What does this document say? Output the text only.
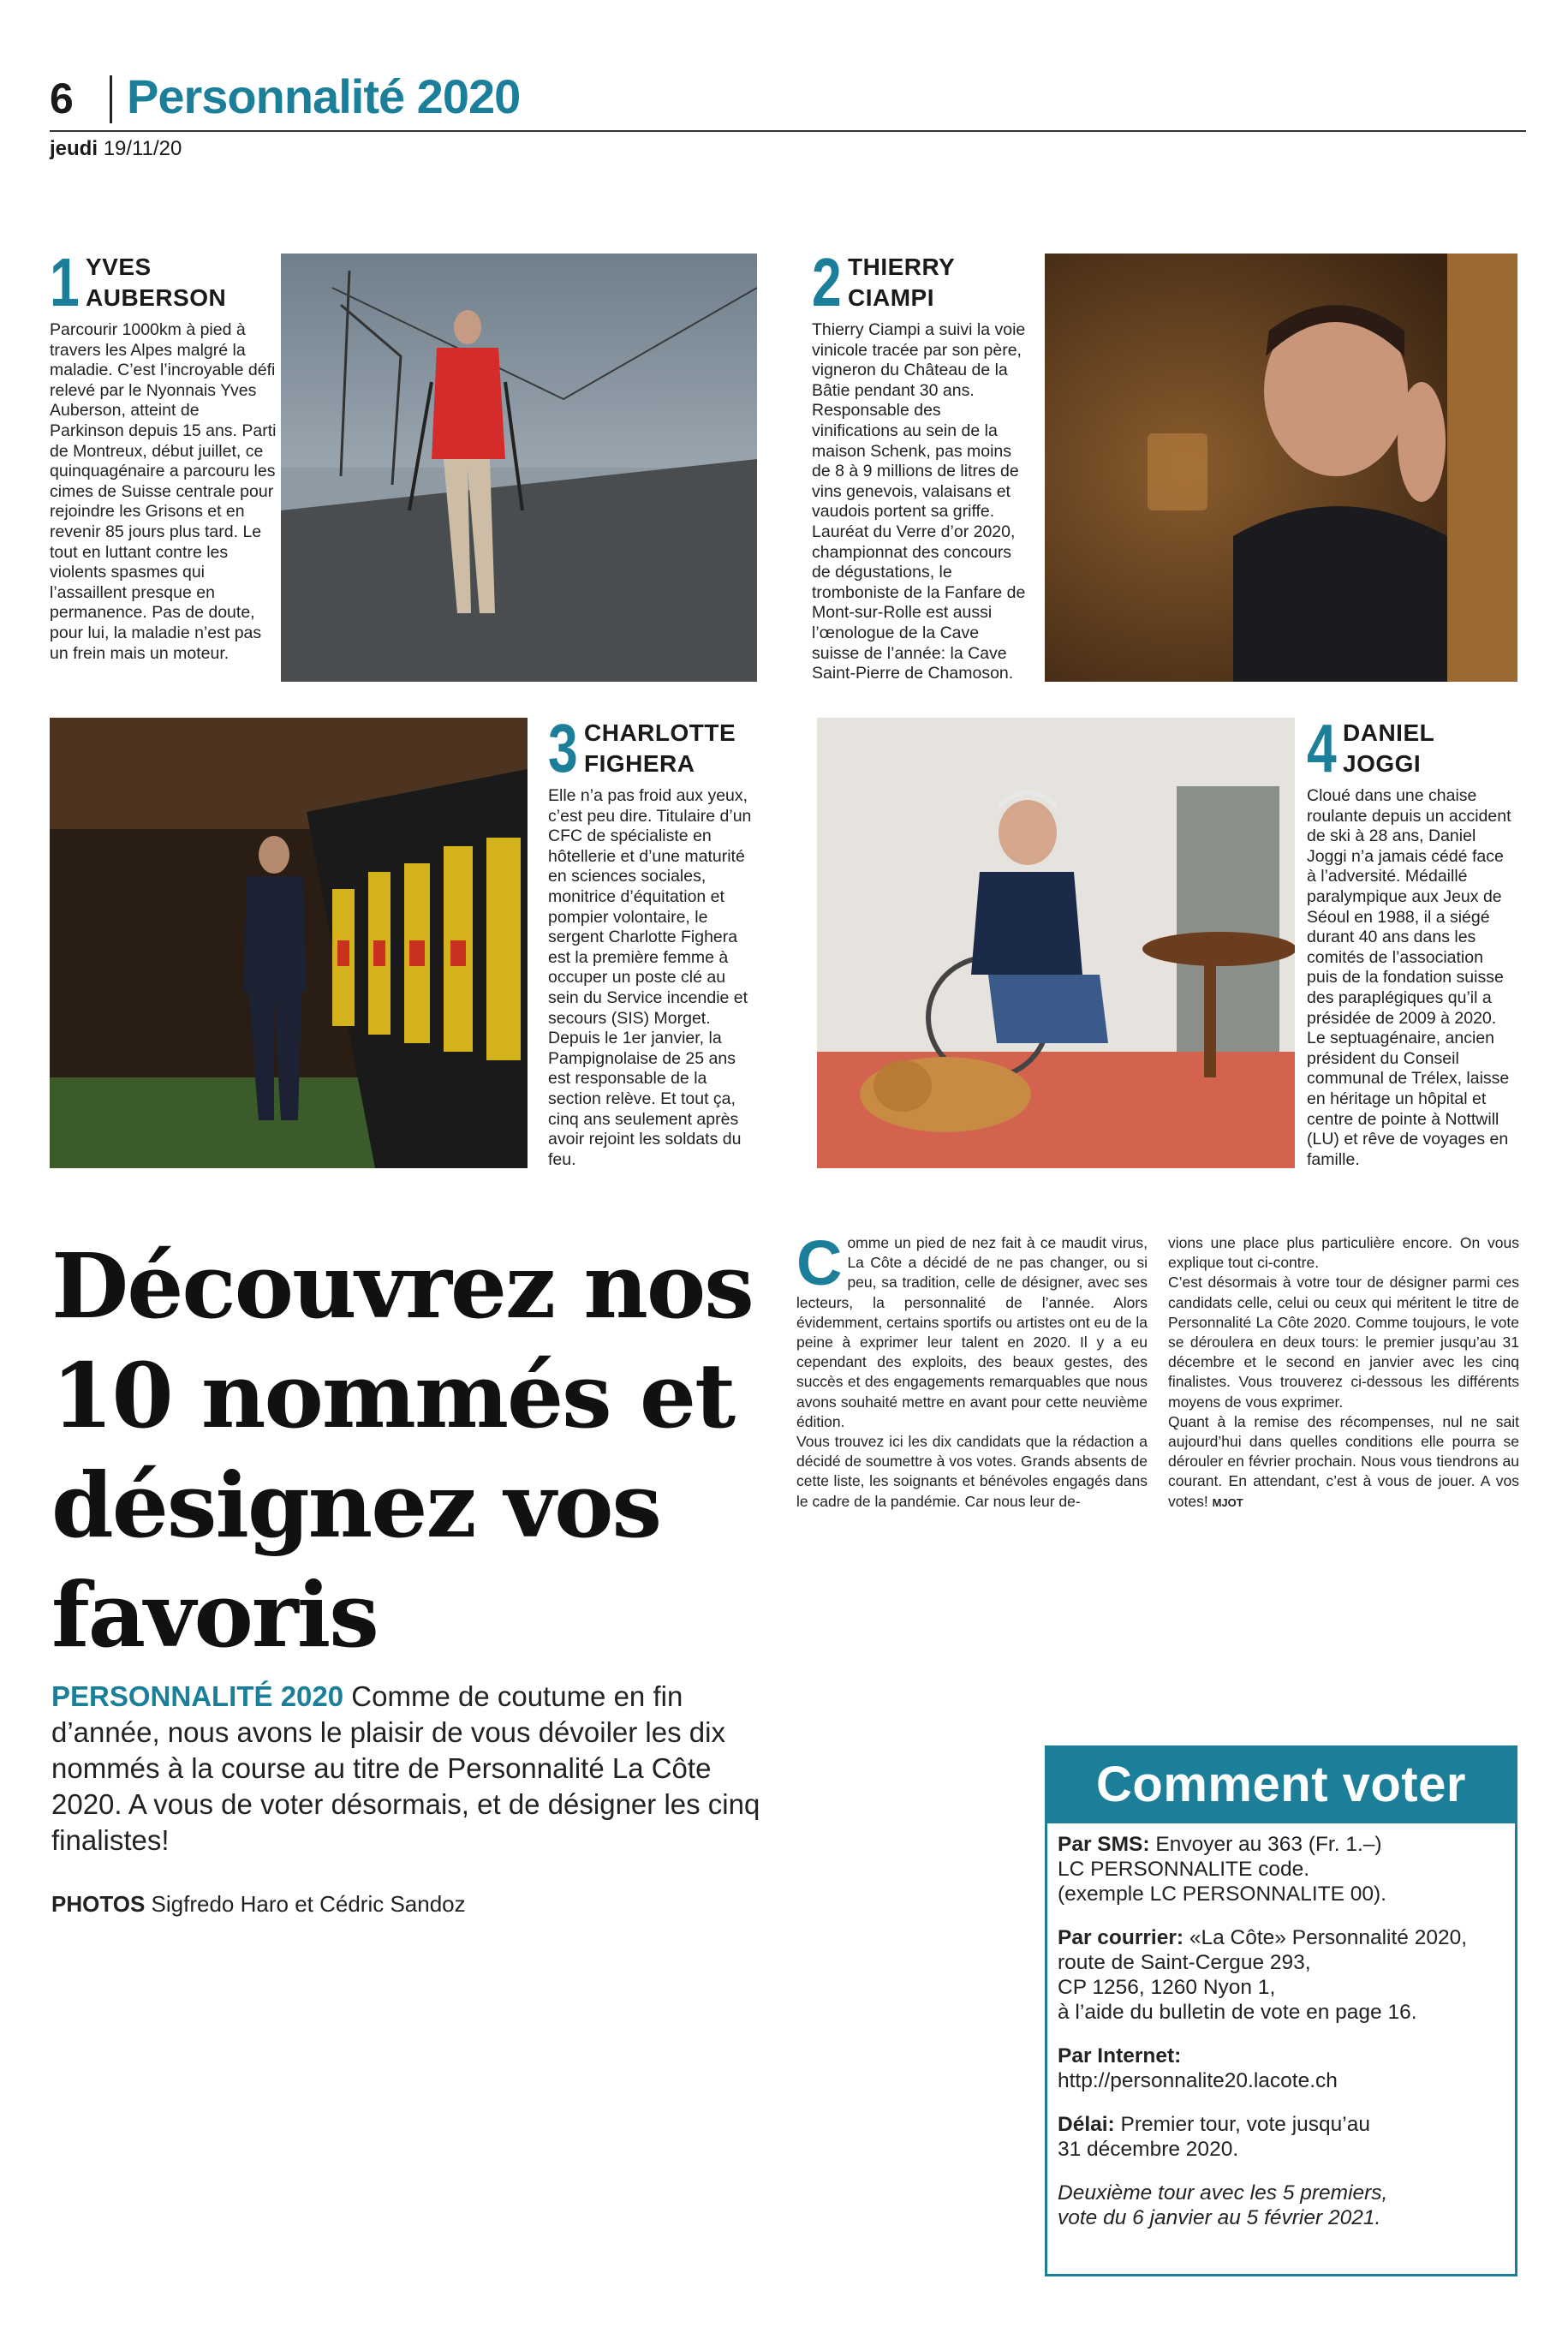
6 Personnalité 2020
jeudi 19/11/20
1 YVES
AUBERSON
Parcourir 1000km à pied à travers les Alpes malgré la maladie. C’est l’incroyable défi relevé par le Nyonnais Yves Auberson, atteint de Parkinson depuis 15 ans. Parti de Montreux, début juillet, ce quinquagénaire a parcouru les cimes de Suisse centrale pour rejoindre les Grisons et en revenir 85 jours plus tard. Le tout en luttant contre les violents spasmes qui l’assaillent presque en permanence. Pas de doute, pour lui, la maladie n’est pas un frein mais un moteur.
2 THIERRY
CIAMPI
Thierry Ciampi a suivi la voie vinicole tracée par son père, vigneron du Château de la Bâtie pendant 30 ans. Responsable des vinifications au sein de la maison Schenk, pas moins de 8 à 9 millions de litres de vins genevois, valaisans et vaudois portent sa griffe. Lauréat du Verre d’or 2020, championnat des concours de dégustations, le tromboniste de la Fanfare de Mont-sur-Rolle est aussi l’œnologue de la Cave suisse de l’année: la Cave Saint-Pierre de Chamoson.
3 CHARLOTTE
FIGHERA
Elle n’a pas froid aux yeux, c’est peu dire. Titulaire d’un CFC de spécialiste en hôtellerie et d’une maturité en sciences sociales, monitrice d’équitation et pompier volontaire, le sergent Charlotte Fighera est la première femme à occuper un poste clé au sein du Service incendie et secours (SIS) Morget. Depuis le 1er janvier, la Pampignolaise de 25 ans est responsable de la section relève. Et tout ça, cinq ans seulement après avoir rejoint les soldats du feu.
4 DANIEL
JOGGI
Cloué dans une chaise roulante depuis un accident de ski à 28 ans, Daniel Joggi n’a jamais cédé face à l’adversité. Médaillé paralympique aux Jeux de Séoul en 1988, il a siégé durant 40 ans dans les comités de l’association puis de la fondation suisse des paraplégiques qu’il a présidée de 2009 à 2020. Le septuagénaire, ancien président du Conseil communal de Trélex, laisse en héritage un hôpital et centre de pointe à Nottwill (LU) et rêve de voyages en famille.
Découvrez nos 10 nommés et désignez vos favoris
PERSONNALITÉ 2020 Comme de coutume en fin d’année, nous avons le plaisir de vous dévoiler les dix nommés à la course au titre de Personnalité La Côte 2020. A vous de voter désormais, et de désigner les cinq finalistes!
PHOTOS Sigfredo Haro et Cédric Sandoz

Comme un pied de nez fait à ce maudit virus, La Côte a décidé de ne pas changer, ou si peu, sa tradition, celle de désigner, avec ses lecteurs, la personnalité de l’année. Alors évidemment, certains sportifs ou artistes ont eu de la peine à exprimer leur talent en 2020. Il y a eu cependant des exploits, des beaux gestes, des succès et des engagements remarquables que nous avons souhaité mettre en avant pour cette neuvième édition.

Vous trouvez ici les dix candidats que la rédaction a décidé de soumettre à vos votes. Grands absents de cette liste, les soignants et bénévoles engagés dans le cadre de la pandémie. Car nous leur de-

vions une place plus particulière encore. On vous explique tout ci-contre.

C’est désormais à votre tour de désigner parmi ces candidats celle, celui ou ceux qui méritent le titre de Personnalité La Côte 2020. Comme toujours, le vote se déroulera en deux tours: le premier jusqu’au 31 décembre et le second en janvier avec les cinq finalistes. Vous trouverez ci-dessous les différents moyens de vous exprimer.

Quant à la remise des récompenses, nul ne sait aujourd’hui dans quelles conditions elle pourra se dérouler en février prochain. Nous vous tiendrons au courant. En attendant, c’est à vous de jouer. A vos votes! MJOT

Comment voter

Par SMS: Envoyer au 363 (Fr. 1.–)
LC PERSONNALITE code.
(exemple LC PERSONNALITE 00).

Par courrier: «La Côte» Personnalité 2020,
route de Saint-Cergue 293,
CP 1256, 1260 Nyon 1,
à l’aide du bulletin de vote en page 16.

Par Internet:
http://personnalite20.lacote.ch

Délai: Premier tour, vote jusqu’au
31 décembre 2020.

Deuxième tour avec les 5 premiers,
vote du 6 janvier au 5 février 2021.
